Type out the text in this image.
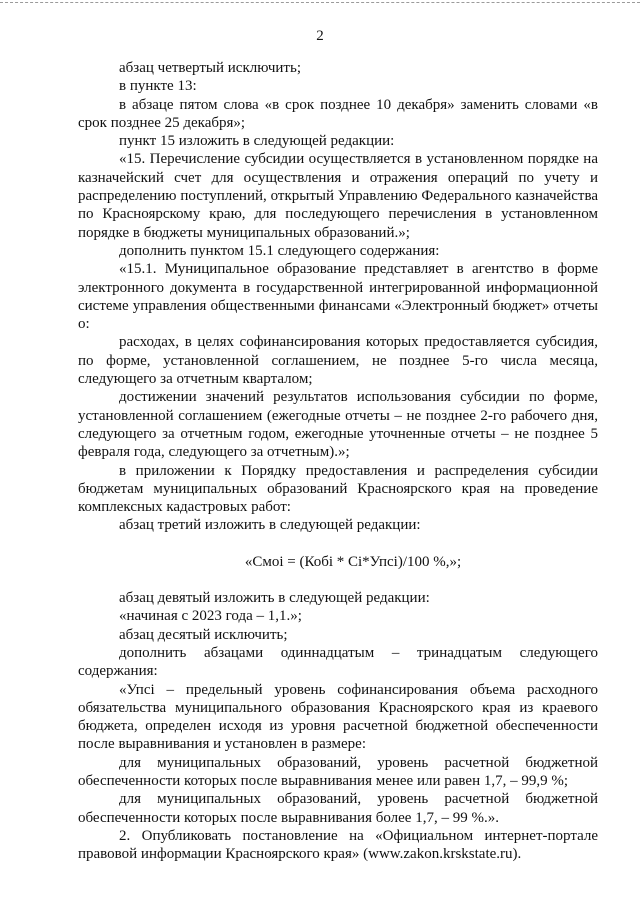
2

абзац четвертый исключить;

в пункте 13:

в абзаце пятом слова «в срок позднее 10 декабря» заменить словами «в срок позднее 25 декабря»;

пункт 15 изложить в следующей редакции:

«15. Перечисление субсидии осуществляется в установленном порядке на казначейский счет для осуществления и отражения операций по учету и распределению поступлений, открытый Управлению Федерального казначейства по Красноярскому краю, для последующего перечисления в установленном порядке в бюджеты муниципальных образований.»;

дополнить пунктом 15.1 следующего содержания:

«15.1. Муниципальное образование представляет в агентство в форме электронного документа в государственной интегрированной информационной системе управления общественными финансами «Электронный бюджет» отчеты о:

расходах, в целях софинансирования которых предоставляется субсидия, по форме, установленной соглашением, не позднее 5-го числа месяца, следующего за отчетным кварталом;

достижении значений результатов использования субсидии по форме, установленной соглашением (ежегодные отчеты – не позднее 2-го рабочего дня, следующего за отчетным годом, ежегодные уточненные отчеты – не позднее 5 февраля года, следующего за отчетным).»;

в приложении к Порядку предоставления и распределения субсидии бюджетам муниципальных образований Красноярского края на проведение комплексных кадастровых работ:

абзац третий изложить в следующей редакции:

«Смоi = (Кобi * Сi*Упсi)/100 %,»;

абзац девятый изложить в следующей редакции:

«начиная с 2023 года – 1,1.»;

абзац десятый исключить;

дополнить абзацами одиннадцатым – тринадцатым следующего содержания:

«Упсi – предельный уровень софинансирования объема расходного обязательства муниципального образования Красноярского края из краевого бюджета, определен исходя из уровня расчетной бюджетной обеспеченности после выравнивания и установлен в размере:

для муниципальных образований, уровень расчетной бюджетной обеспеченности которых после выравнивания менее или равен 1,7, – 99,9 %;

для муниципальных образований, уровень расчетной бюджетной обеспеченности которых после выравнивания более 1,7, – 99 %.».

2. Опубликовать постановление на «Официальном интернет-портале правовой информации Красноярского края» (www.zakon.krskstate.ru).
